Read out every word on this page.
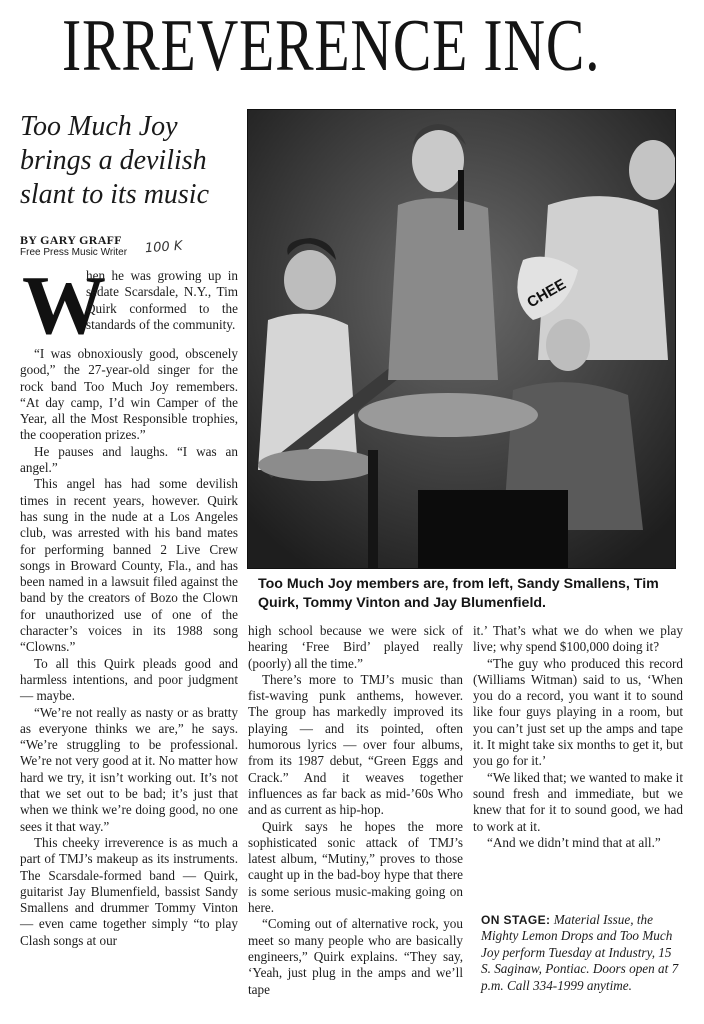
IRREVERENCE INC.
Too Much Joy brings a devilish slant to its music
BY GARY GRAFF
Free Press Music Writer	100 K
W

hen he was growing up in sedate Scarsdale, N.Y., Tim Quirk conformed to the standards of the community.

“I was obnoxiously good, obscenely good,” the 27-year-old singer for the rock band Too Much Joy remembers. “At day camp, I’d win Camper of the Year, all the Most Responsible trophies, the cooperation prizes.”

He pauses and laughs. “I was an angel.”

This angel has had some devilish times in recent years, however. Quirk has sung in the nude at a Los Angeles club, was arrested with his band mates for performing banned 2 Live Crew songs in Broward County, Fla., and has been named in a lawsuit filed against the band by the creators of Bozo the Clown for unauthorized use of one of the character’s voices in its 1988 song “Clowns.”

To all this Quirk pleads good and harmless intentions, and poor judgment — maybe.

“We’re not really as nasty or as bratty as everyone thinks we are,” he says. “We’re struggling to be professional. We’re not very good at it. No matter how hard we try, it isn’t working out. It’s not that we set out to be bad; it’s just that when we think we’re doing good, no one sees it that way.”

This cheeky irreverence is as much a part of TMJ’s makeup as its instruments. The Scarsdale-formed band — Quirk, guitarist Jay Blumenfield, bassist Sandy Smallens and drummer Tommy Vinton — even came together simply “to play Clash songs at our

CHEE
Too Much Joy members are, from left, Sandy Smallens, Tim Quirk, Tommy Vinton and Jay Blumenfield.

high school because we were sick of hearing ‘Free Bird’ played really (poorly) all the time.”

There’s more to TMJ’s music than fist-waving punk anthems, however. The group has markedly improved its playing — and its pointed, often humorous lyrics — over four albums, from its 1987 debut, “Green Eggs and Crack.” And it weaves together influences as far back as mid-’60s Who and as current as hip-hop.

Quirk says he hopes the more sophisticated sonic attack of TMJ’s latest album, “Mutiny,” proves to those caught up in the bad-boy hype that there is some serious music-making going on here.

“Coming out of alternative rock, you meet so many people who are basically engineers,” Quirk explains. “They say, ‘Yeah, just plug in the amps and we’ll tape

it.’ That’s what we do when we play live; why spend $100,000 doing it?

“The guy who produced this record (Williams Witman) said to us, ‘When you do a record, you want it to sound like four guys playing in a room, but you can’t just set up the amps and tape it. It might take six months to get it, but you go for it.’

“We liked that; we wanted to make it sound fresh and immediate, but we knew that for it to sound good, we had to work at it.

“And we didn’t mind that at all.”

ON STAGE: Material Issue, the Mighty Lemon Drops and Too Much Joy perform Tuesday at Industry, 15 S. Saginaw, Pontiac. Doors open at 7 p.m. Call 334-1999 anytime.
